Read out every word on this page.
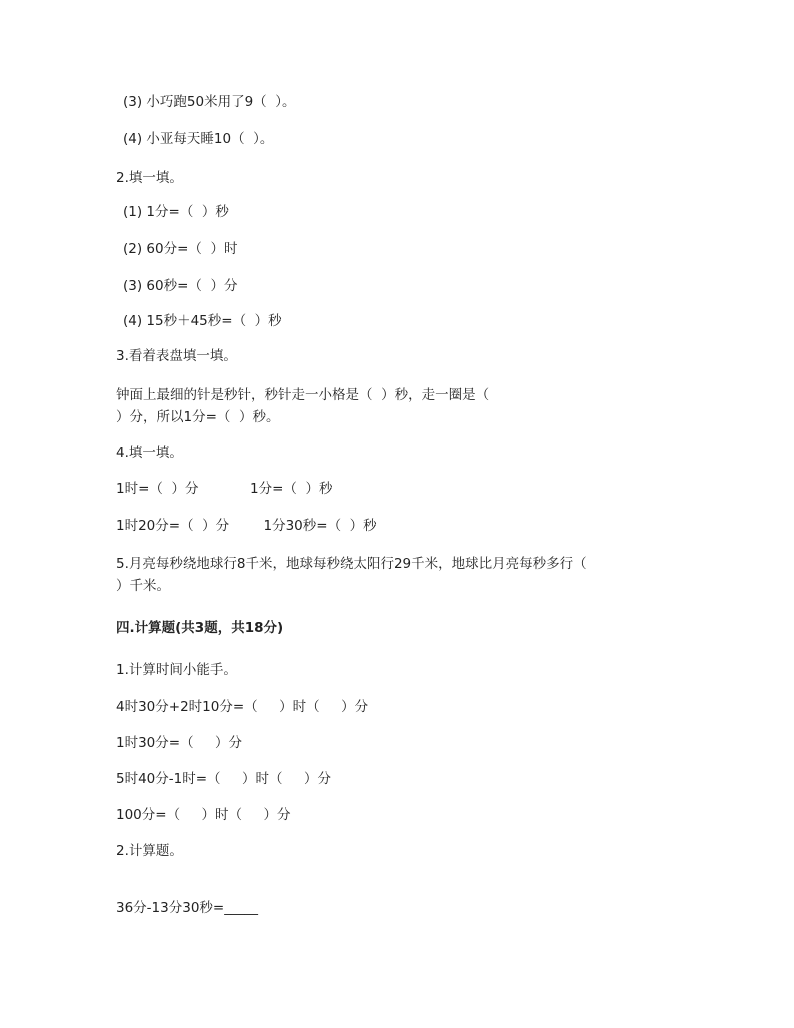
(3) 小巧跑50米用了9（  ）。
(4) 小亚每天睡10（  ）。
2.填一填。
(1) 1分=（  ）秒
(2) 60分=（  ）时
(3) 60秒=（  ）分
(4) 15秒＋45秒=（  ）秒
3.看着表盘填一填。
钟面上最细的针是秒针，秒针走一小格是（  ）秒，走一圈是（
）分，所以1分=（  ）秒。
4.填一填。
1时=（  ）分            1分=（  ）秒
1时20分=（  ）分        1分30秒=（  ）秒
5.月亮每秒绕地球行8千米，地球每秒绕太阳行29千米，地球比月亮每秒多行（
）千米。
四.计算题(共3题，共18分)
1.计算时间小能手。
4时30分+2时10分=（     ）时（     ）分
1时30分=（     ）分
5时40分-1时=（     ）时（     ）分
100分=（     ）时（     ）分
2.计算题。
36分-13分30秒=_____
